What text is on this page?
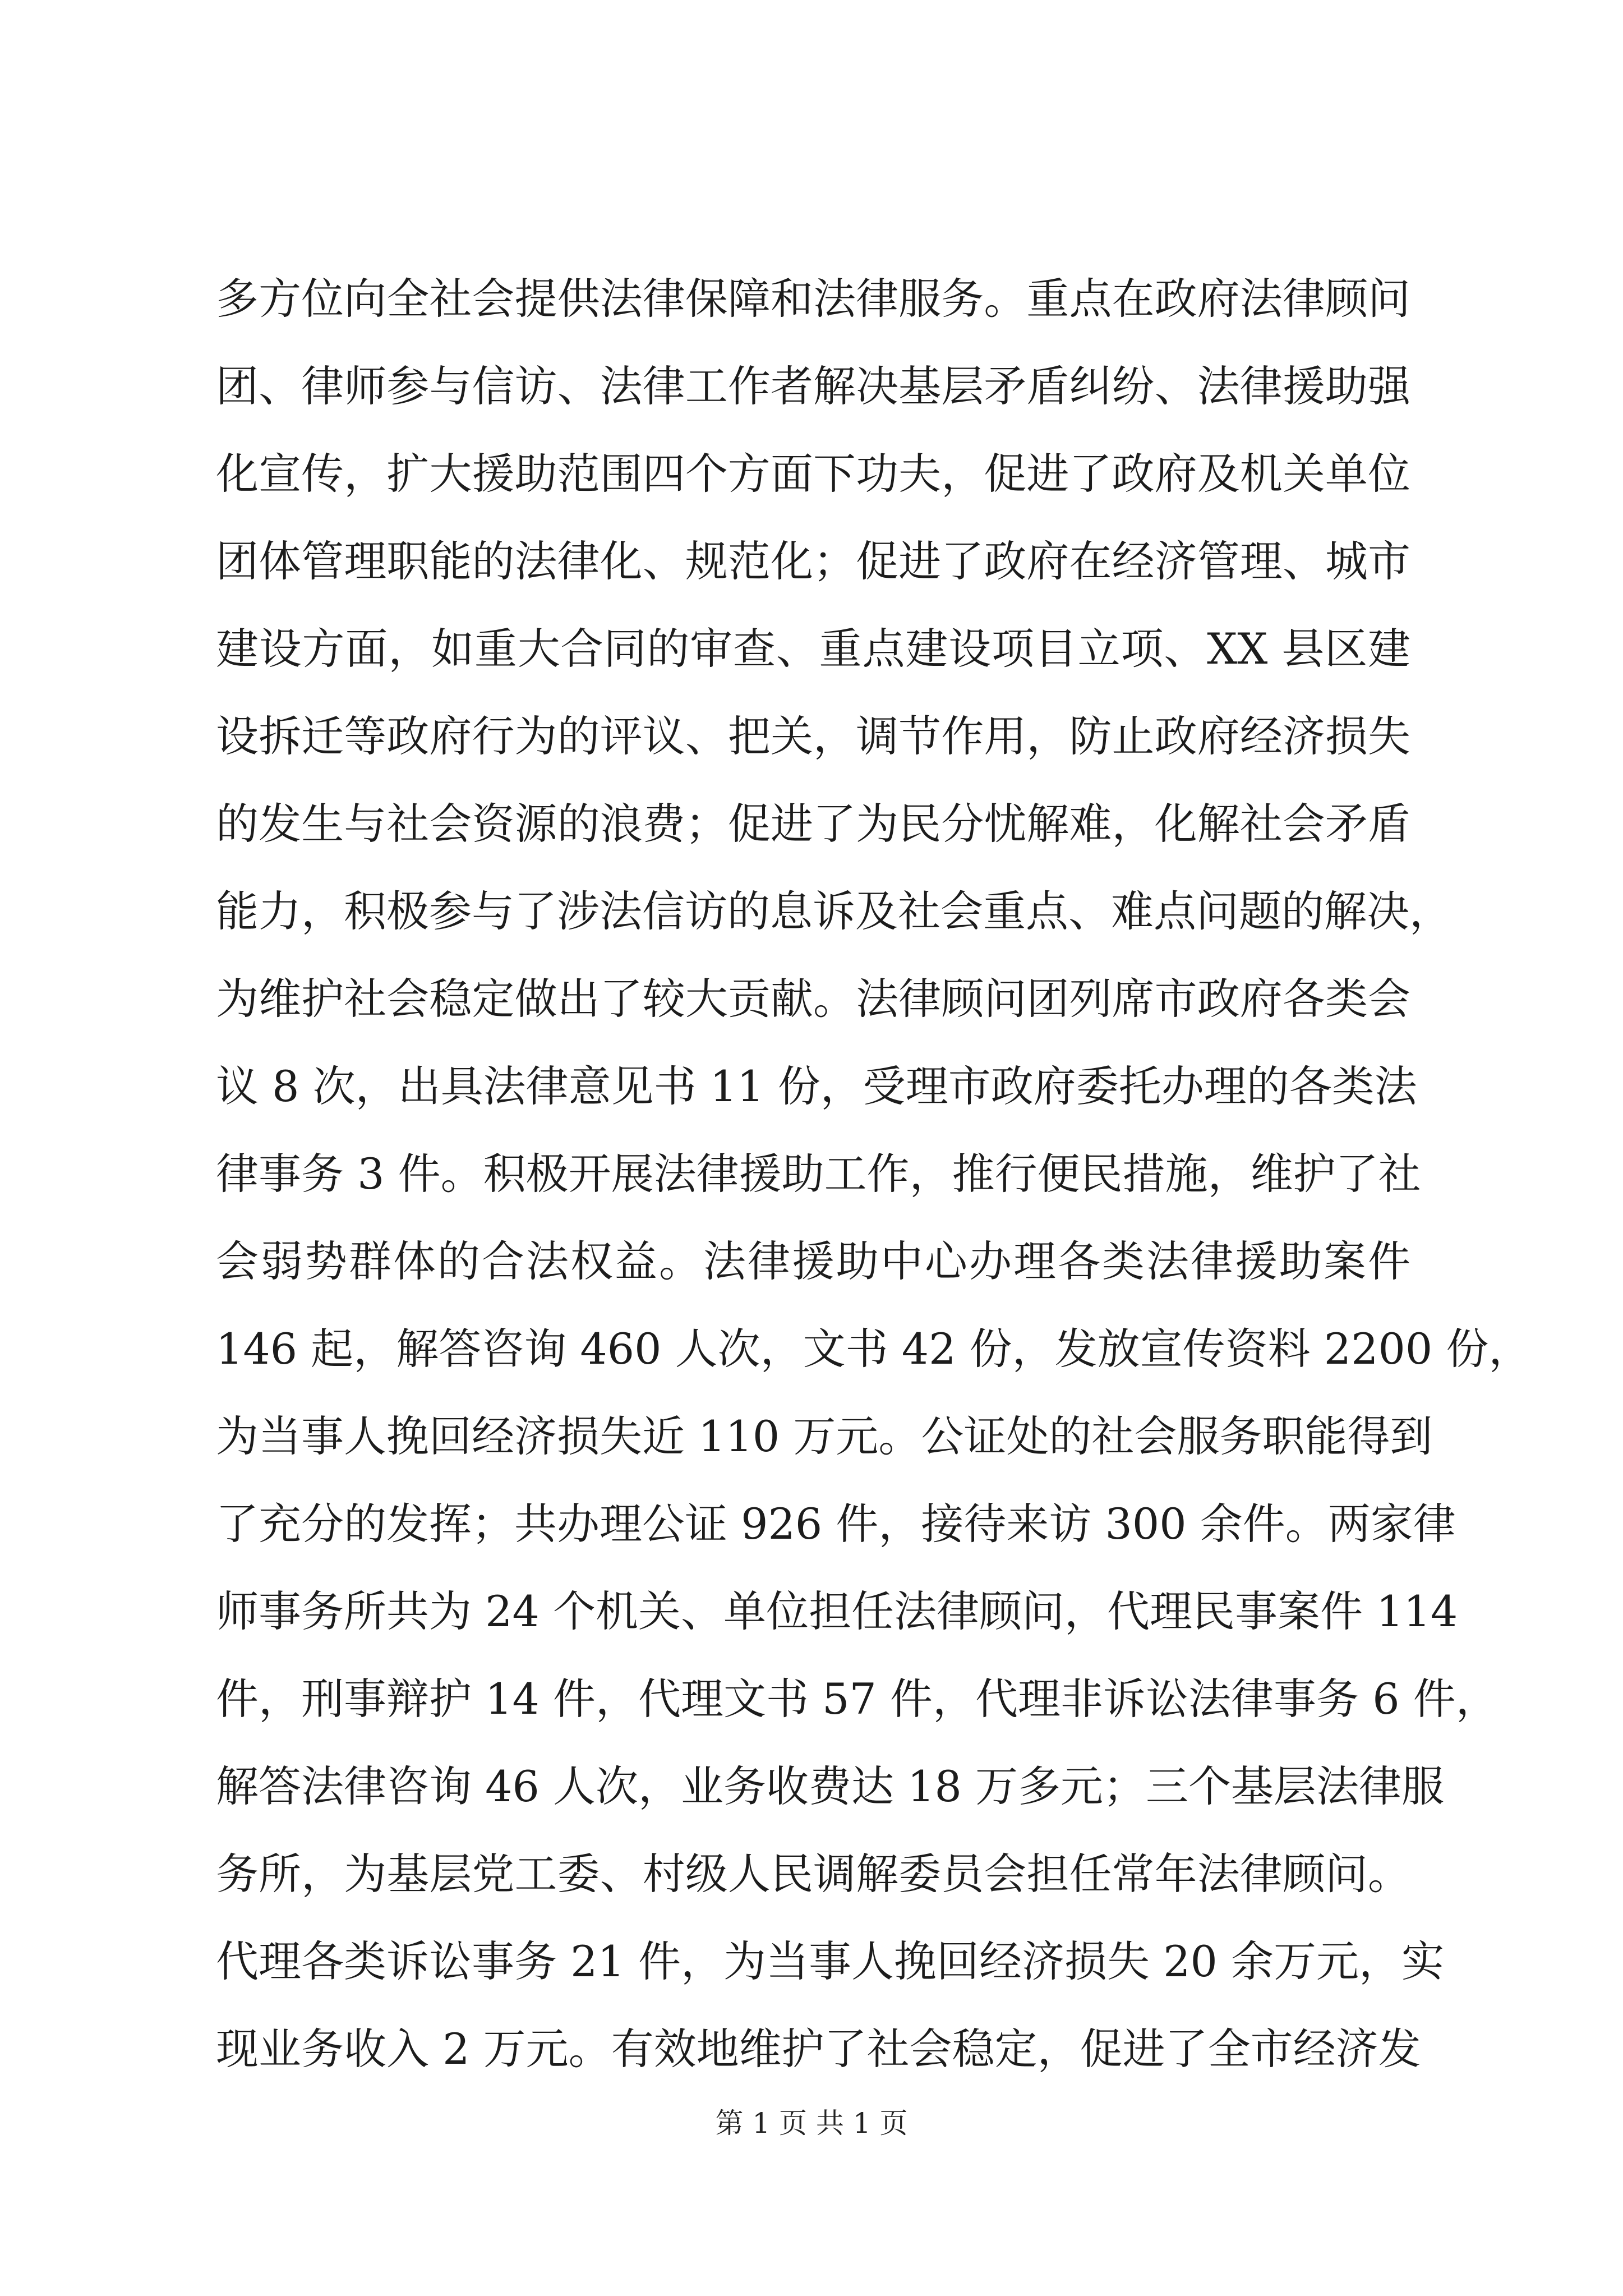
多方位向全社会提供法律保障和法律服务。重点在政府法律顾问
团、律师参与信访、法律工作者解决基层矛盾纠纷、法律援助强
化宣传，扩大援助范围四个方面下功夫，促进了政府及机关单位
团体管理职能的法律化、规范化；促进了政府在经济管理、城市
建设方面，如重大合同的审查、重点建设项目立项、XX 县区建
设拆迁等政府行为的评议、把关，调节作用，防止政府经济损失
的发生与社会资源的浪费；促进了为民分忧解难，化解社会矛盾
能力，积极参与了涉法信访的息诉及社会重点、难点问题的解决，
为维护社会稳定做出了较大贡献。法律顾问团列席市政府各类会
议 8 次，出具法律意见书 11 份，受理市政府委托办理的各类法
律事务 3 件。积极开展法律援助工作，推行便民措施，维护了社
会弱势群体的合法权益。法律援助中心办理各类法律援助案件
146 起，解答咨询 460 人次，文书 42 份，发放宣传资料 2200 份，
为当事人挽回经济损失近 110 万元。公证处的社会服务职能得到
了充分的发挥；共办理公证 926 件，接待来访 300 余件。两家律
师事务所共为 24 个机关、单位担任法律顾问，代理民事案件 114
件，刑事辩护 14 件，代理文书 57 件，代理非诉讼法律事务 6 件，
解答法律咨询 46 人次，业务收费达 18 万多元；三个基层法律服
务所，为基层党工委、村级人民调解委员会担任常年法律顾问。
代理各类诉讼事务 21 件，为当事人挽回经济损失 20 余万元，实
现业务收入 2 万元。有效地维护了社会稳定，促进了全市经济发
第 1 页 共 1 页
